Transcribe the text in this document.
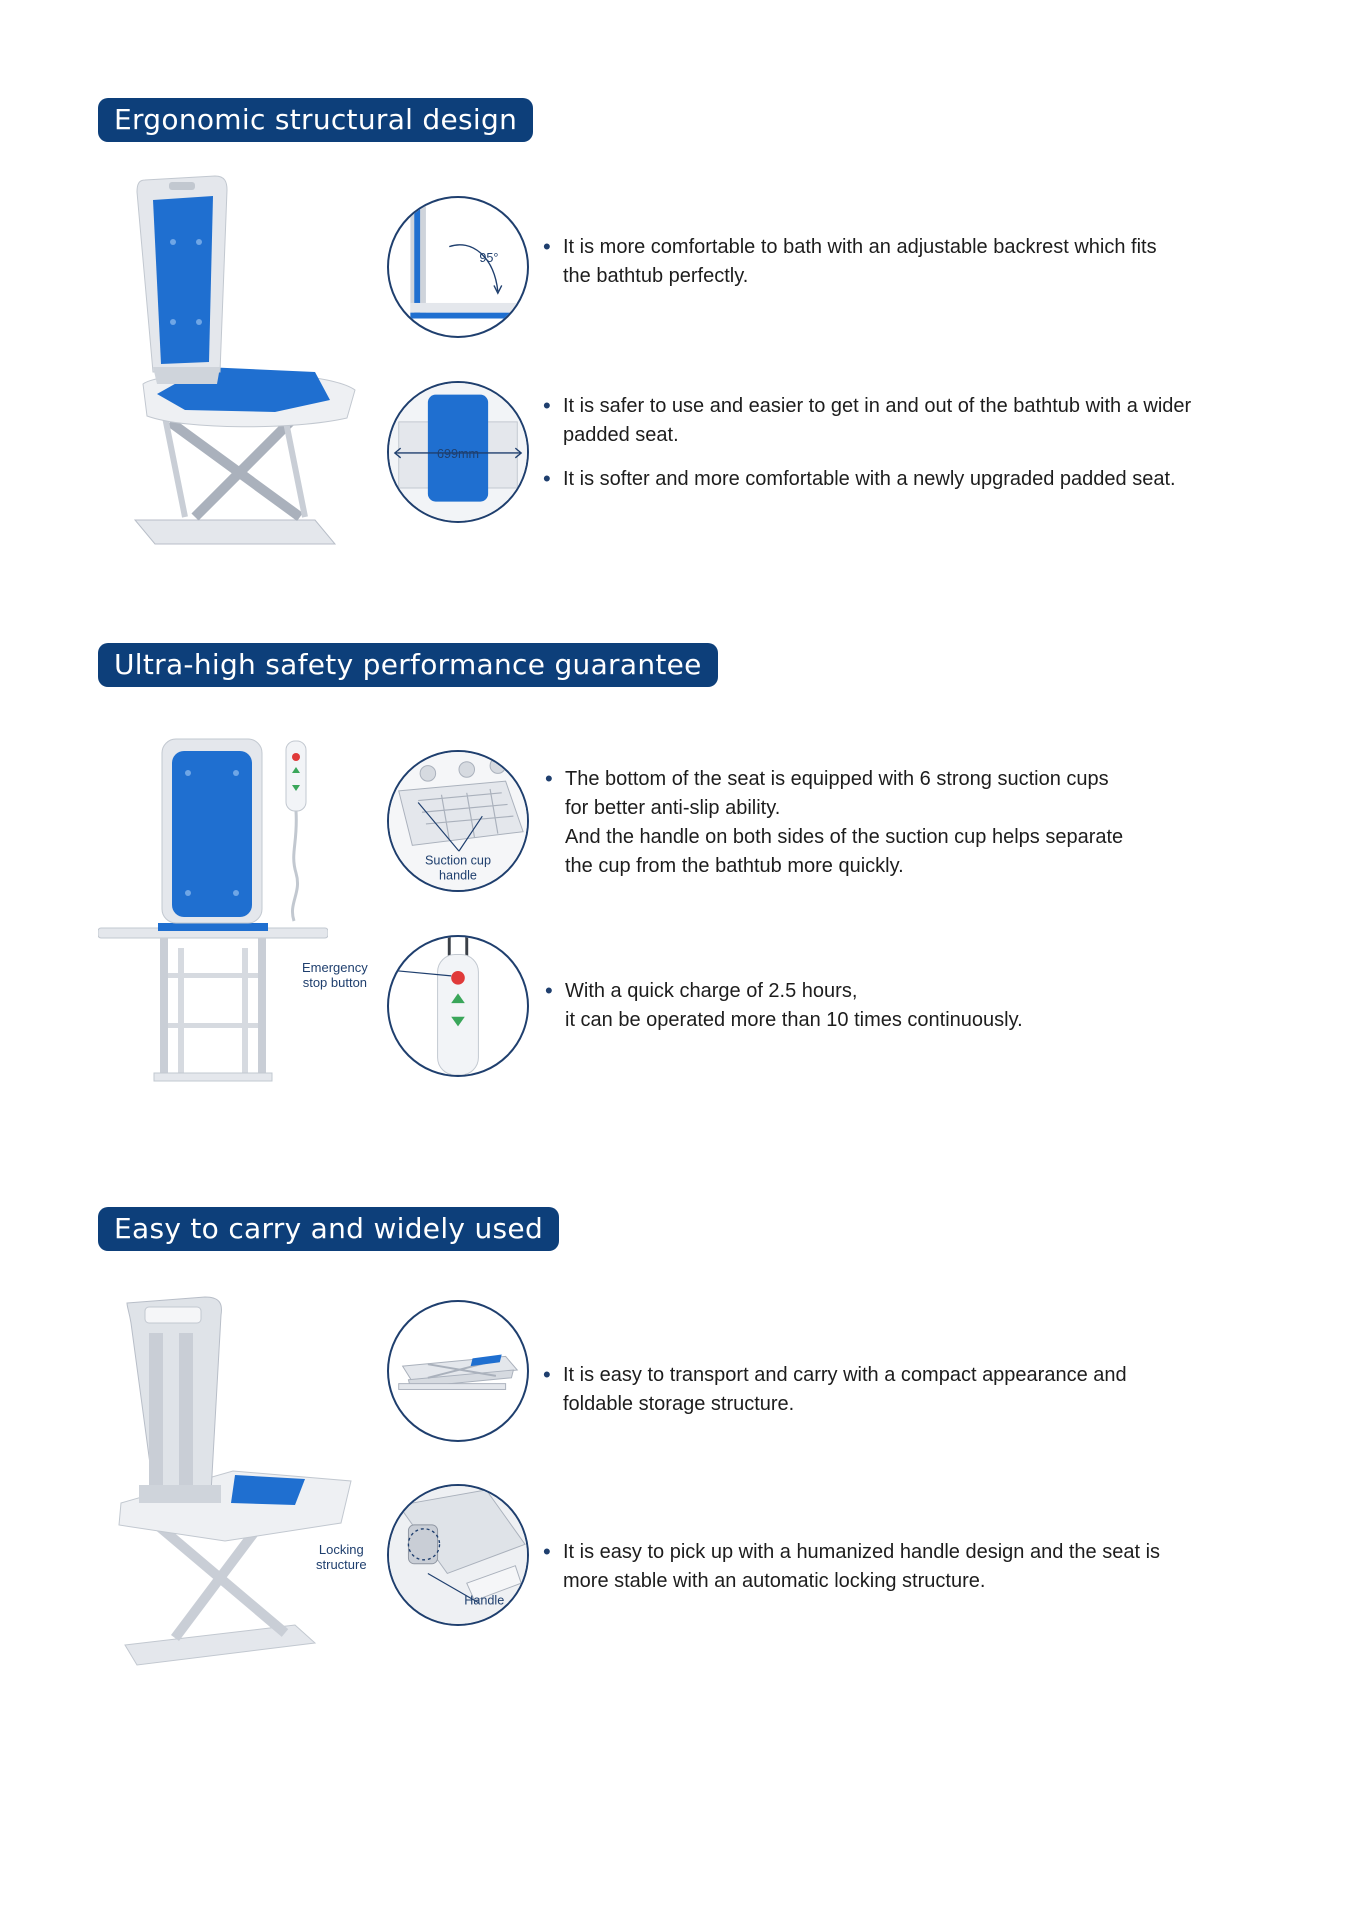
Ergonomic structural design
95°
• It is more comfortable to bath with an adjustable backrest which fits
the bathtub perfectly.
699mm
• It is safer to use and easier to get in and out of the bathtub with a wider
padded seat.
• It is softer and more comfortable with a newly upgraded padded seat.
Ultra-high safety performance guarantee
Emergency
stop button
Suction cup
handle
• The bottom of the seat is equipped with 6 strong suction cups
for better anti-slip ability.
And the handle on both sides of the suction cup helps separate
the cup from the bathtub more quickly.
• With a quick charge of 2.5 hours,
it can be operated more than 10 times continuously.
Easy to carry and widely used
Locking
structure
• It is easy to transport and carry with a compact appearance and
foldable storage structure.
Handle
• It is easy to pick up with a humanized handle design and the seat is
more stable with an automatic locking structure.
